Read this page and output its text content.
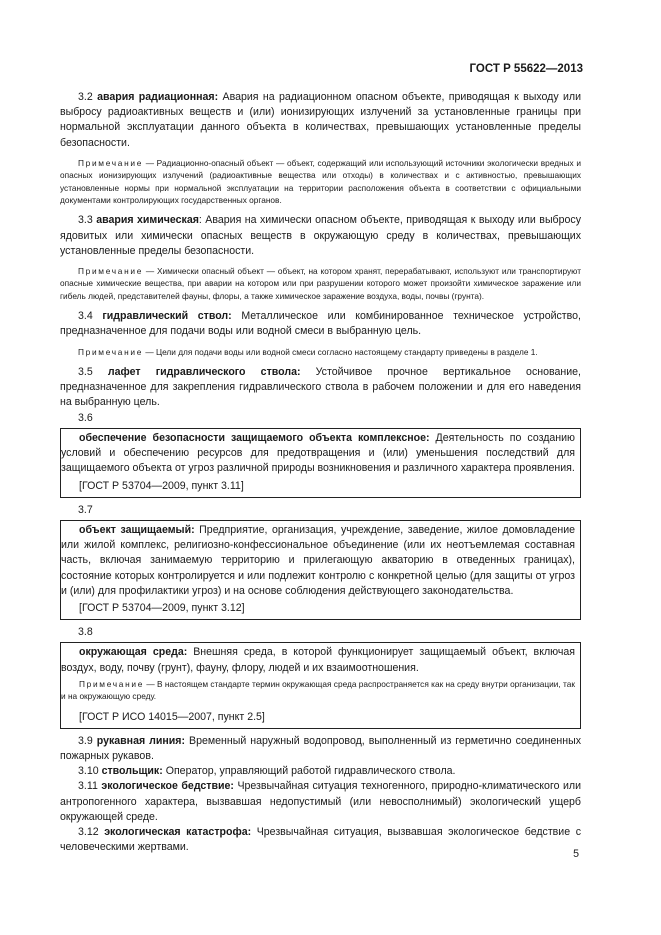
ГОСТ Р 55622—2013

3.2 авария радиационная: Авария на радиационном опасном объекте, приводящая к выходу или выбросу радиоактивных веществ и (или) ионизирующих излучений за установленные границы при нормальной эксплуатации данного объекта в количествах, превышающих установленные пределы безопасности.

Примечание — Радиационно-опасный объект — объект, содержащий или использующий источники экологически вредных и опасных ионизирующих излучений (радиоактивные вещества или отходы) в количествах и с активностью, превышающих установленные нормы при нормальной эксплуатации на территории расположения объекта в соответствии с официальными документами контролирующих государственных органов.

3.3 авария химическая: Авария на химически опасном объекте, приводящая к выходу или выбросу ядовитых или химически опасных веществ в окружающую среду в количествах, превышающих установленные пределы безопасности.

Примечание — Химически опасный объект — объект, на котором хранят, перерабатывают, используют или транспортируют опасные химические вещества, при аварии на котором или при разрушении которого может произойти химическое заражение или гибель людей, представителей фауны, флоры, а также химическое заражение воздуха, воды, почвы (грунта).

3.4 гидравлический ствол: Металлическое или комбинированное техническое устройство, предназначенное для подачи воды или водной смеси в выбранную цель.

Примечание — Цели для подачи воды или водной смеси согласно настоящему стандарту приведены в разделе 1.

3.5 лафет гидравлического ствола: Устойчивое прочное вертикальное основание, предназначенное для закрепления гидравлического ствола в рабочем положении и для его наведения на выбранную цель.

3.6

обеспечение безопасности защищаемого объекта комплексное: Деятельность по созданию условий и обеспечению ресурсов для предотвращения и (или) уменьшения последствий для защищаемого объекта от угроз различной природы возникновения и различного характера проявления.

[ГОСТ Р 53704—2009, пункт 3.11]

3.7

объект защищаемый: Предприятие, организация, учреждение, заведение, жилое домовладение или жилой комплекс, религиозно-конфессиональное объединение (или их неотъемлемая составная часть, включая занимаемую территорию и прилегающую акваторию в отведенных границах), состояние которых контролируется и или подлежит контролю с конкретной целью (для защиты от угроз и (или) для профилактики угроз) и на основе соблюдения действующего законодательства.

[ГОСТ Р 53704—2009, пункт 3.12]

3.8

окружающая среда: Внешняя среда, в которой функционирует защищаемый объект, включая воздух, воду, почву (грунт), фауну, флору, людей и их взаимоотношения.

Примечание — В настоящем стандарте термин окружающая среда распространяется как на среду внутри организации, так и на окружающую среду.

[ГОСТ Р ИСО 14015—2007, пункт 2.5]

3.9 рукавная линия: Временный наружный водопровод, выполненный из герметично соединенных пожарных рукавов.

3.10 ствольщик: Оператор, управляющий работой гидравлического ствола.

3.11 экологическое бедствие: Чрезвычайная ситуация техногенного, природно-климатического или антропогенного характера, вызвавшая недопустимый (или невосполнимый) экологический ущерб окружающей среде.

3.12 экологическая катастрофа: Чрезвычайная ситуация, вызвавшая экологическое бедствие с человеческими жертвами.

5
